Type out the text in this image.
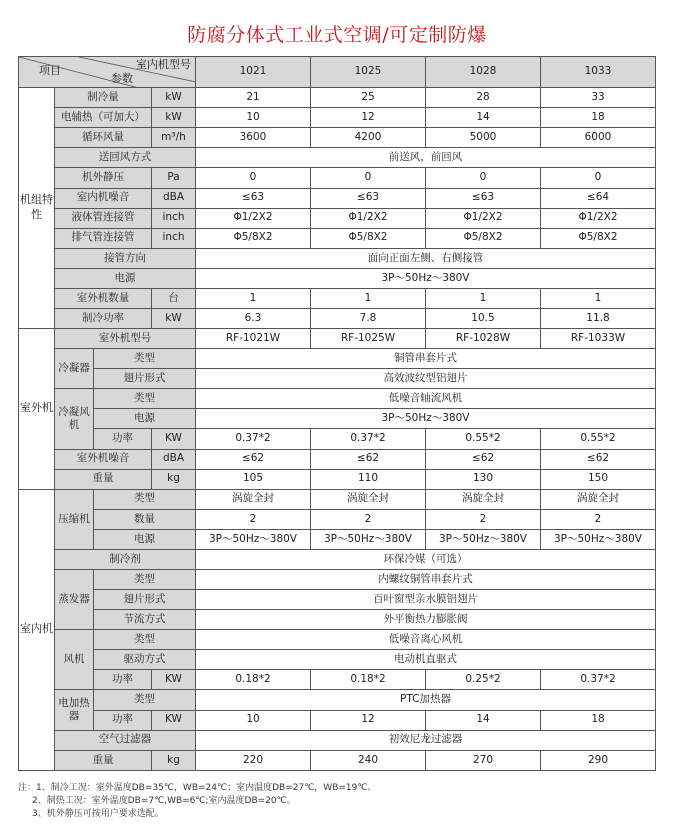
防腐分体式工业式空调/可定制防爆
室内机型号
项目
参数				1021	1025	1028	1033
机组特性	制冷量		kW	21	25	28	33
	电辅热（可加大）		kW	10	12	14	18
	循环风量		m³/h	3600	4200	5000	6000
	送回风方式			前送风，前回风			
	机外静压		Pa	0	0	0	0
	室内机噪音		dBA	≤63	≤63	≤63	≤64
	液体管连接管		inch	Φ1/2X2	Φ1/2X2	Φ1/2X2	Φ1/2X2
	排气管连接管		inch	Φ5/8X2	Φ5/8X2	Φ5/8X2	Φ5/8X2
	接管方向			面向正面左侧、右侧接管			
	电源			3P～50Hz～380V			
	室外机数量		台	1	1	1	1
	制冷功率		kW	6.3	7.8	10.5	11.8
室外机	室外机型号			RF-1021W	RF-1025W	RF-1028W	RF-1033W
	冷凝器	类型		铜管串套片式			
		翅片形式		高效波纹型铝翅片			
	冷凝风机	类型		低噪音轴流风机			
		电源		3P～50Hz～380V			
		功率	KW	0.37*2	0.37*2	0.55*2	0.55*2
	室外机噪音		dBA	≤62	≤62	≤62	≤62
	重量		kg	105	110	130	150
室内机	压缩机	类型		涡旋全封	涡旋全封	涡旋全封	涡旋全封
		数量		2	2	2	2
		电源		3P～50Hz～380V	3P～50Hz～380V	3P～50Hz～380V	3P～50Hz～380V
	制冷剂			环保冷媒（可选）			
	蒸发器	类型		内螺纹铜管串套片式			
		翅片形式		百叶窗型亲水膜铝翅片			
		节流方式		外平衡热力膨胀阀			
	风机	类型		低噪音离心风机			
		驱动方式		电动机直驱式			
		功率	KW	0.18*2	0.18*2	0.25*2	0.37*2
	电加热器	类型		PTC加热器			
		功率	KW	10	12	14	18
	空气过滤器			初效尼龙过滤器			
	重量		kg	220	240	270	290
注：1、制冷工况：室外温度DB=35℃，WB=24℃；室内温度DB=27℃，WB=19℃。
2、制热工况：室外温度DB=7℃,WB=6℃;室内温度DB=20℃。
3、机外静压可按用户要求选配。
